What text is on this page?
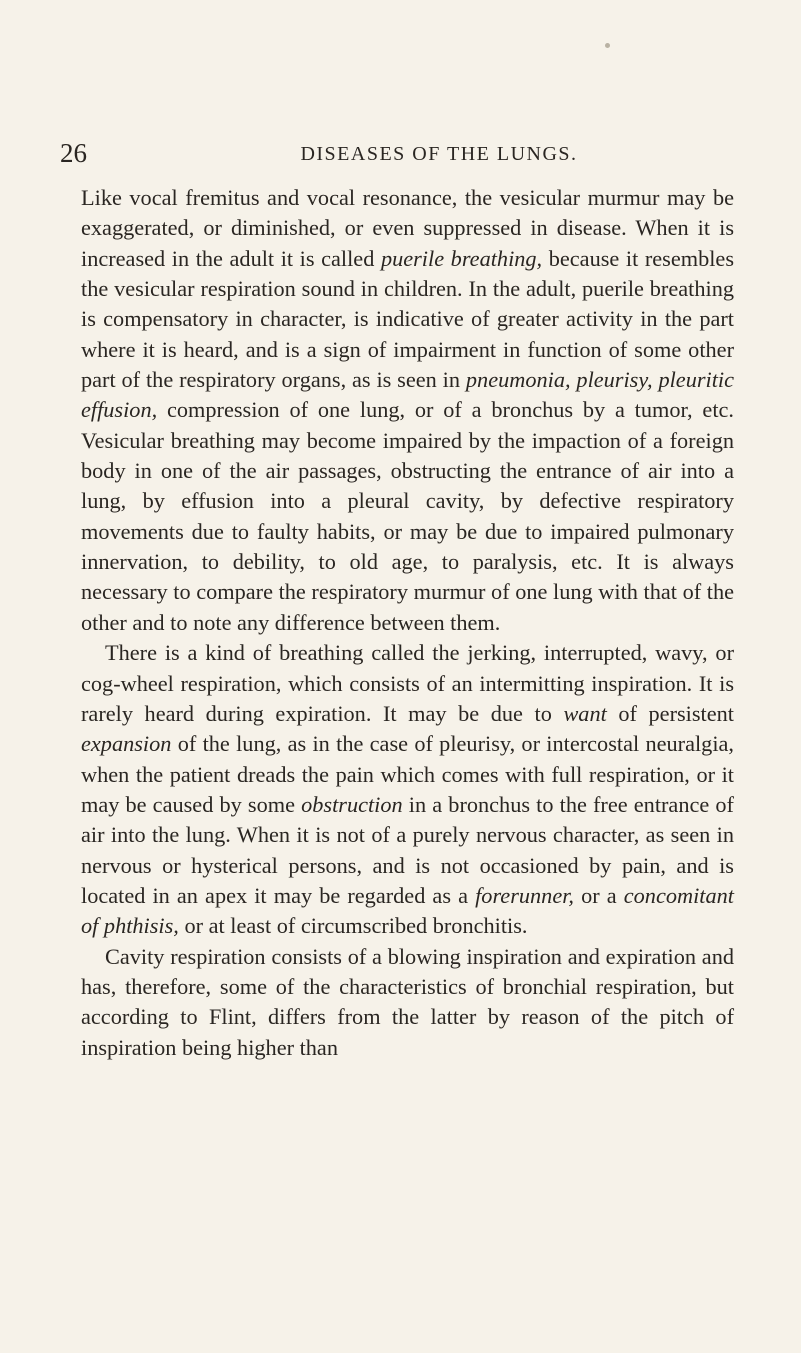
26	DISEASES OF THE LUNGS.

Like vocal fremitus and vocal resonance, the vesicular murmur may be exaggerated, or diminished, or even suppressed in disease. When it is increased in the adult it is called puerile breathing, because it resembles the vesicular respiration sound in children. In the adult, puerile breathing is compensatory in character, is indicative of greater activity in the part where it is heard, and is a sign of impairment in function of some other part of the respiratory organs, as is seen in pneumonia, pleurisy, pleuritic effusion, compression of one lung, or of a bronchus by a tumor, etc. Vesicular breathing may become impaired by the impaction of a foreign body in one of the air passages, obstructing the entrance of air into a lung, by effusion into a pleural cavity, by defective respiratory movements due to faulty habits, or may be due to impaired pulmonary innervation, to debility, to old age, to paralysis, etc. It is always necessary to compare the respiratory murmur of one lung with that of the other and to note any difference between them.

There is a kind of breathing called the jerking, interrupted, wavy, or cog-wheel respiration, which consists of an intermitting inspiration. It is rarely heard during expiration. It may be due to want of persistent expansion of the lung, as in the case of pleurisy, or intercostal neuralgia, when the patient dreads the pain which comes with full respiration, or it may be caused by some obstruction in a bronchus to the free entrance of air into the lung. When it is not of a purely nervous character, as seen in nervous or hysterical persons, and is not occasioned by pain, and is located in an apex it may be regarded as a forerunner, or a concomitant of phthisis, or at least of circumscribed bronchitis.

Cavity respiration consists of a blowing inspiration and expiration and has, therefore, some of the characteristics of bronchial respiration, but according to Flint, differs from the latter by reason of the pitch of inspiration being higher than
